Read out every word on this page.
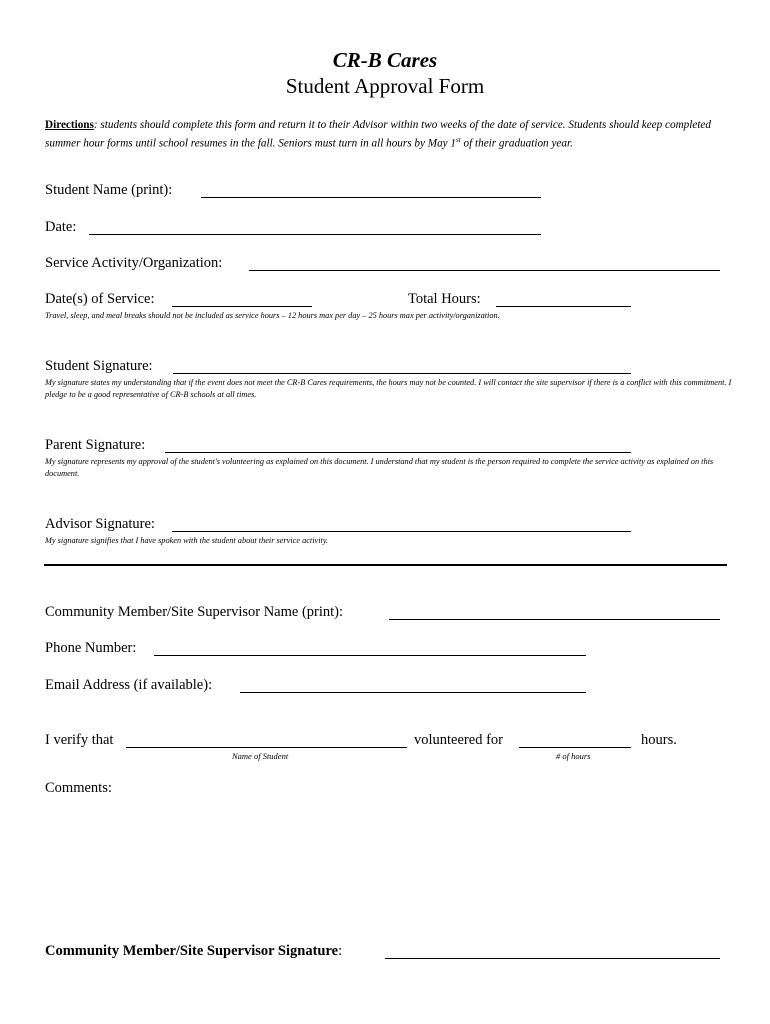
CR-B Cares
Student Approval Form
Directions: students should complete this form and return it to their Advisor within two weeks of the date of service. Students should keep completed summer hour forms until school resumes in the fall. Seniors must turn in all hours by May 1st of their graduation year.
Student Name (print):
Date:
Service Activity/Organization:
Date(s) of Service:	Total Hours:
Travel, sleep, and meal breaks should not be included as service hours – 12 hours max per day – 25 hours max per activity/organization.
Student Signature:
My signature states my understanding that if the event does not meet the CR-B Cares requirements, the hours may not be counted. I will contact the site supervisor if there is a conflict with this commitment. I pledge to be a good representative of CR-B schools at all times.
Parent Signature:
My signature represents my approval of the student's volunteering as explained on this document. I understand that my student is the person required to complete the service activity as explained on this document.
Advisor Signature:
My signature signifies that I have spoken with the student about their service activity.
Community Member/Site Supervisor Name (print):
Phone Number:
Email Address (if available):
I verify that	volunteered for	hours.
Name of Student	# of hours
Comments:
Community Member/Site Supervisor Signature:
